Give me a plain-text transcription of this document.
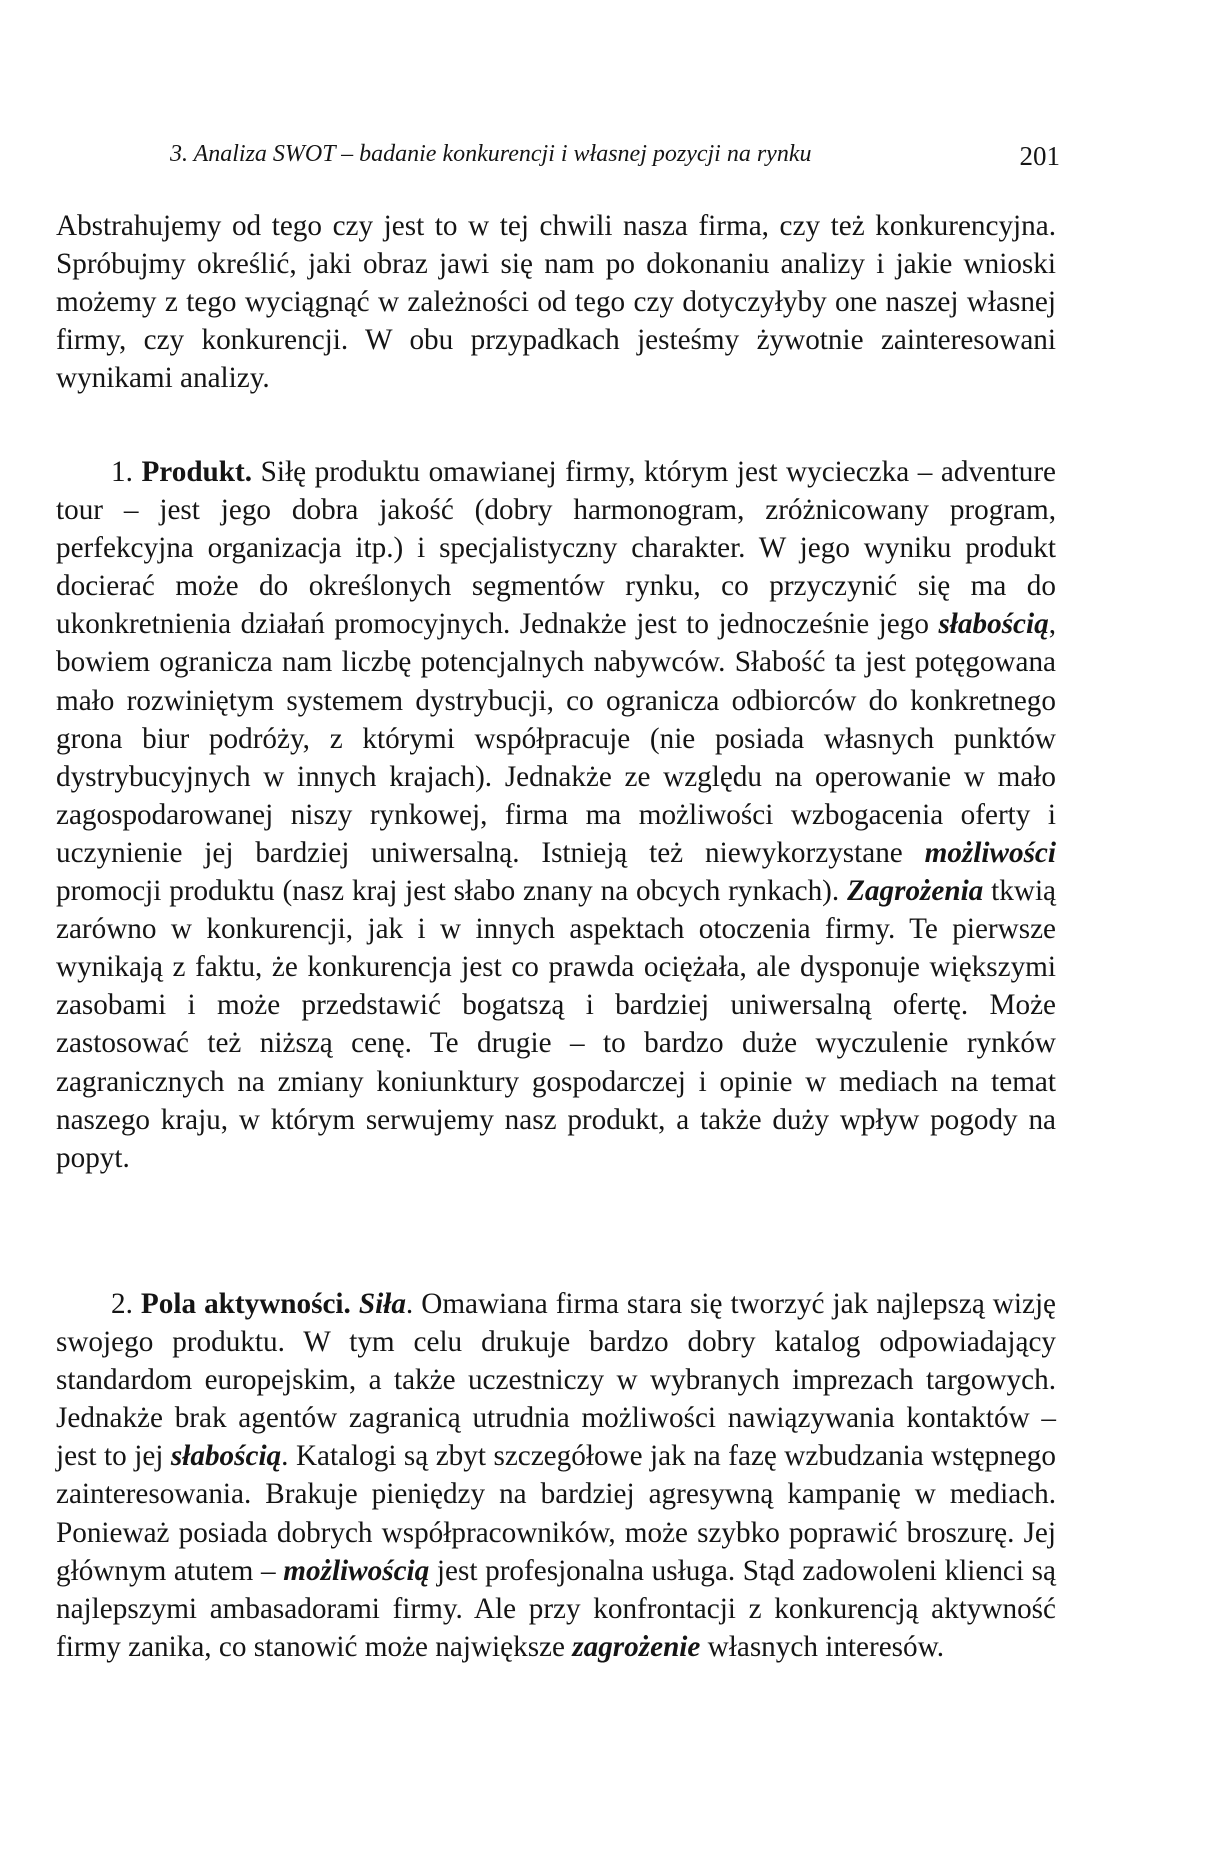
3. Analiza SWOT – badanie konkurencji i własnej pozycji na rynku	201

Abstrahujemy od tego czy jest to w tej chwili nasza firma, czy też konkurencyjna. Spróbujmy określić, jaki obraz jawi się nam po dokonaniu analizy i jakie wnioski możemy z tego wyciągnąć w zależności od tego czy dotyczyłyby one naszej własnej firmy, czy konkurencji. W obu przypadkach jesteśmy żywotnie zainteresowani wynikami analizy.

1. Produkt. Siłę produktu omawianej firmy, którym jest wycieczka – adventure tour – jest jego dobra jakość (dobry harmonogram, zróżnicowany program, perfekcyjna organizacja itp.) i specjalistyczny charakter. W jego wyniku produkt docierać może do określonych segmentów rynku, co przyczynić się ma do ukonkretnienia działań promocyjnych. Jednakże jest to jednocześnie jego słabością, bowiem ogranicza nam liczbę potencjalnych nabywców. Słabość ta jest potęgowana mało rozwiniętym systemem dystrybucji, co ogranicza odbiorców do konkretnego grona biur podróży, z którymi współpracuje (nie posiada własnych punktów dystrybucyjnych w innych krajach). Jednakże ze względu na operowanie w mało zagospodarowanej niszy rynkowej, firma ma możliwości wzbogacenia oferty i uczynienie jej bardziej uniwersalną. Istnieją też niewykorzystane możliwości promocji produktu (nasz kraj jest słabo znany na obcych rynkach). Zagrożenia tkwią zarówno w konkurencji, jak i w innych aspektach otoczenia firmy. Te pierwsze wynikają z faktu, że konkurencja jest co prawda ociężała, ale dysponuje większymi zasobami i może przedstawić bogatszą i bardziej uniwersalną ofertę. Może zastosować też niższą cenę. Te drugie – to bardzo duże wyczulenie rynków zagranicznych na zmiany koniunktury gospodarczej i opinie w mediach na temat naszego kraju, w którym serwujemy nasz produkt, a także duży wpływ pogody na popyt.

2. Pola aktywności. Siła. Omawiana firma stara się tworzyć jak najlepszą wizję swojego produktu. W tym celu drukuje bardzo dobry katalog odpowiadający standardom europejskim, a także uczestniczy w wybranych imprezach targowych. Jednakże brak agentów zagranicą utrudnia możliwości nawiązywania kontaktów – jest to jej słabością. Katalogi są zbyt szczegółowe jak na fazę wzbudzania wstępnego zainteresowania. Brakuje pieniędzy na bardziej agresywną kampanię w mediach. Ponieważ posiada dobrych współpracowników, może szybko poprawić broszurę. Jej głównym atutem – możliwością jest profesjonalna usługa. Stąd zadowoleni klienci są najlepszymi ambasadorami firmy. Ale przy konfrontacji z konkurencją aktywność firmy zanika, co stanowić może największe zagrożenie własnych interesów.
